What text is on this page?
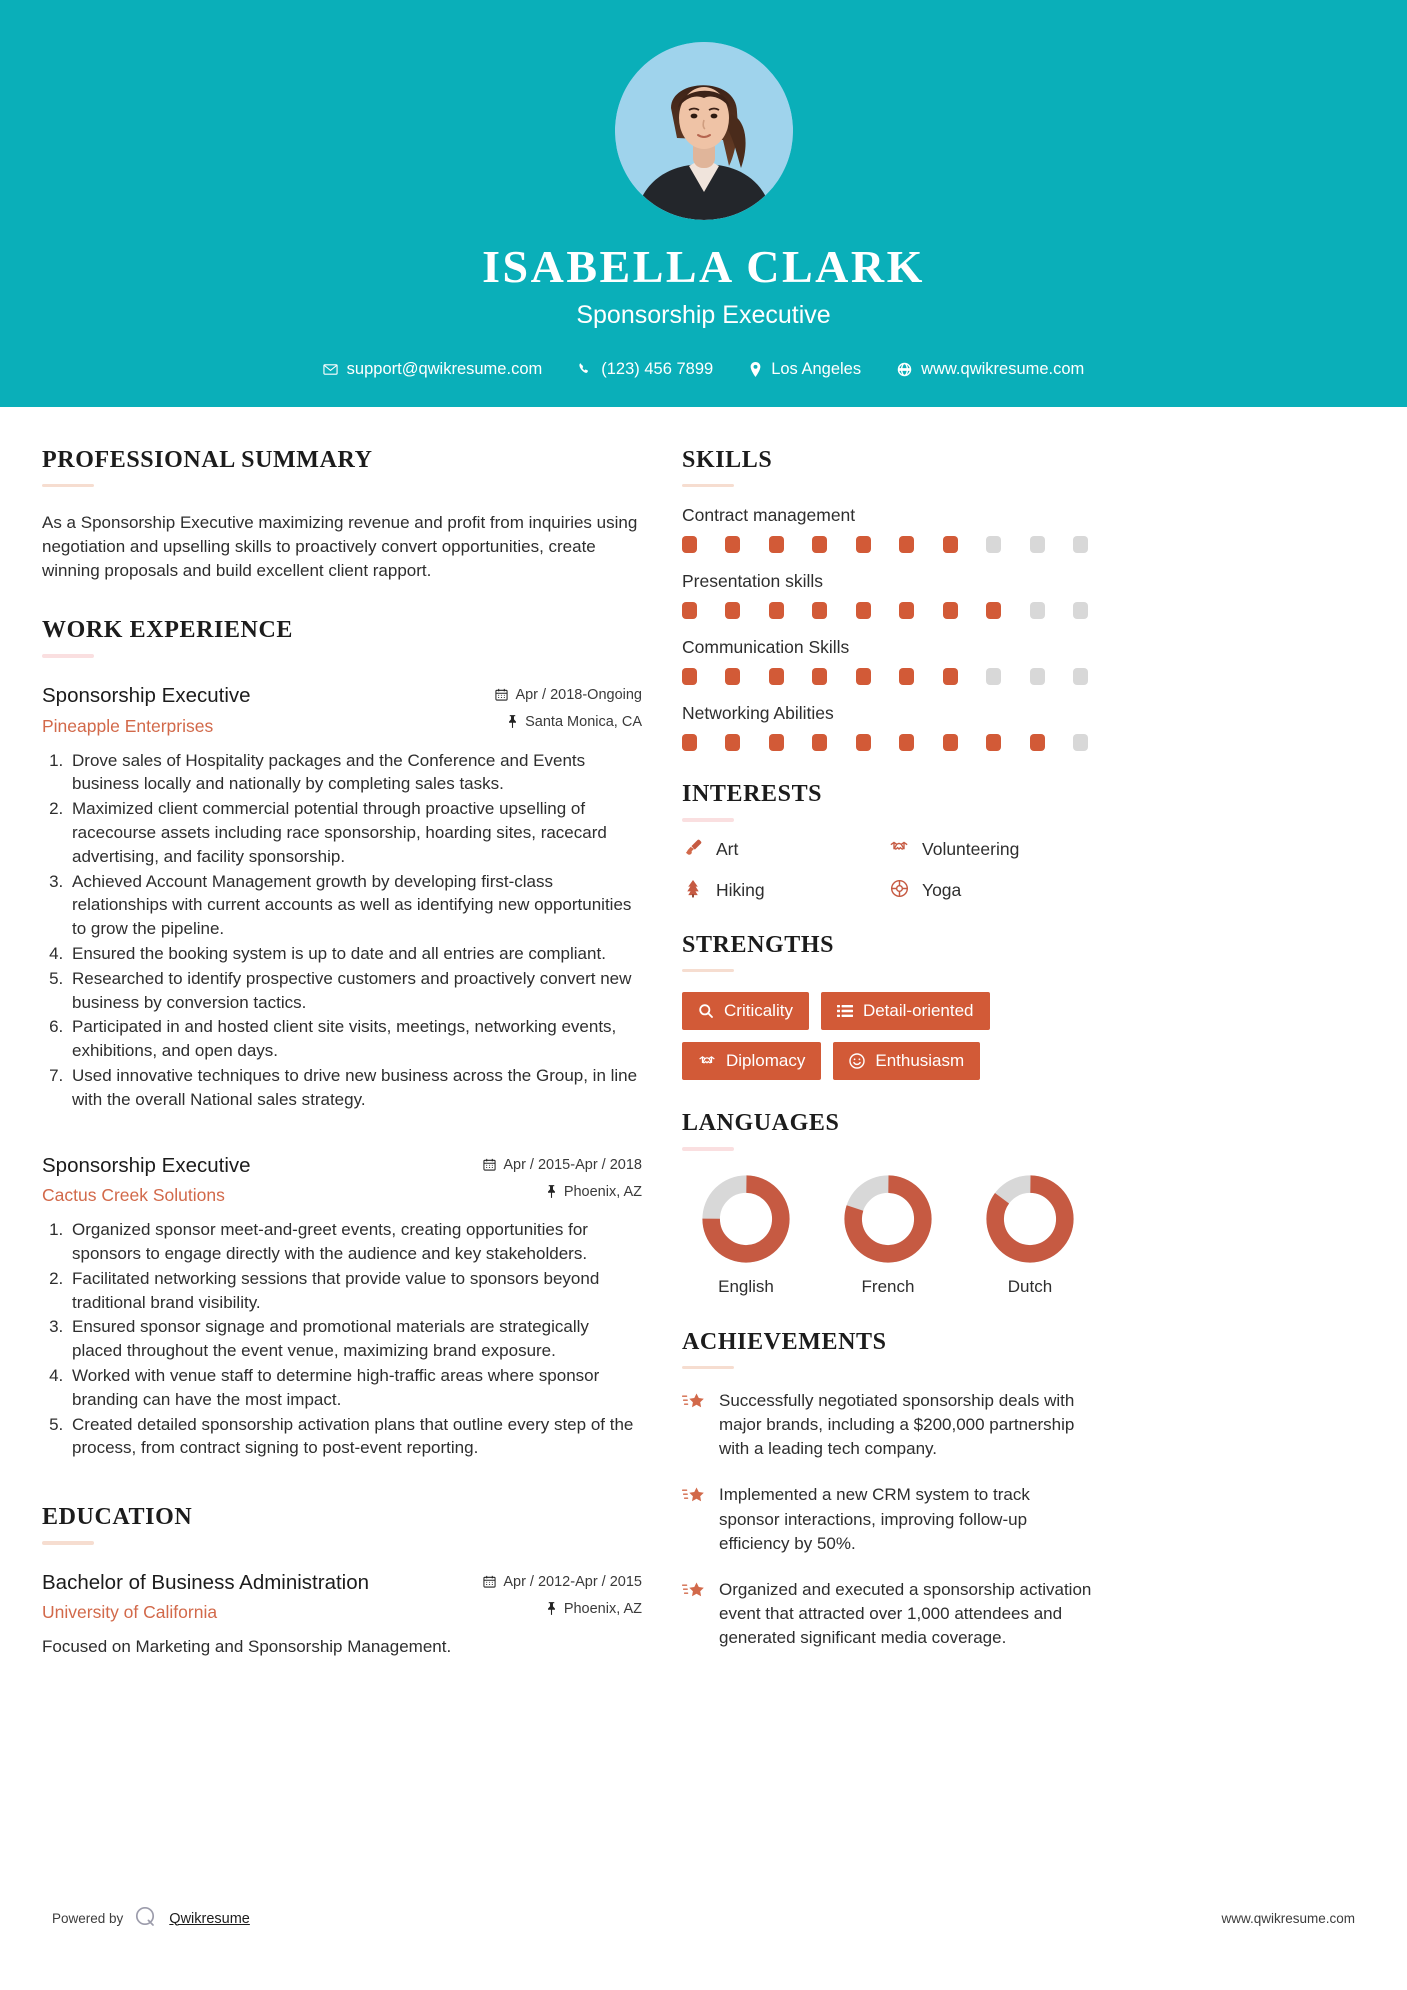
ISABELLA CLARK
Sponsorship Executive
support@qwikresume.com	(123) 456 7899	Los Angeles	www.qwikresume.com
PROFESSIONAL SUMMARY
As a Sponsorship Executive maximizing revenue and profit from inquiries using negotiation and upselling skills to proactively convert opportunities, create winning proposals and build excellent client rapport.
WORK EXPERIENCE
Sponsorship Executive
Pineapple Enterprises
Apr / 2018-Ongoing
Santa Monica, CA
1. Drove sales of Hospitality packages and the Conference and Events business locally and nationally by completing sales tasks.
2. Maximized client commercial potential through proactive upselling of racecourse assets including race sponsorship, hoarding sites, racecard advertising, and facility sponsorship.
3. Achieved Account Management growth by developing first-class relationships with current accounts as well as identifying new opportunities to grow the pipeline.
4. Ensured the booking system is up to date and all entries are compliant.
5. Researched to identify prospective customers and proactively convert new business by conversion tactics.
6. Participated in and hosted client site visits, meetings, networking events, exhibitions, and open days.
7. Used innovative techniques to drive new business across the Group, in line with the overall National sales strategy.
Sponsorship Executive
Cactus Creek Solutions
Apr / 2015-Apr / 2018
Phoenix, AZ
1. Organized sponsor meet-and-greet events, creating opportunities for sponsors to engage directly with the audience and key stakeholders.
2. Facilitated networking sessions that provide value to sponsors beyond traditional brand visibility.
3. Ensured sponsor signage and promotional materials are strategically placed throughout the event venue, maximizing brand exposure.
4. Worked with venue staff to determine high-traffic areas where sponsor branding can have the most impact.
5. Created detailed sponsorship activation plans that outline every step of the process, from contract signing to post-event reporting.
EDUCATION
Bachelor of Business Administration
University of California
Apr / 2012-Apr / 2015
Phoenix, AZ
Focused on Marketing and Sponsorship Management.
SKILLS
Contract management
Presentation skills
Communication Skills
Networking Abilities
INTERESTS
Art	Volunteering
Hiking	Yoga
STRENGTHS
Criticality	Detail-oriented
Diplomacy	Enthusiasm
LANGUAGES
English	French	Dutch
ACHIEVEMENTS
Successfully negotiated sponsorship deals with major brands, including a $200,000 partnership with a leading tech company.
Implemented a new CRM system to track sponsor interactions, improving follow-up efficiency by 50%.
Organized and executed a sponsorship activation event that attracted over 1,000 attendees and generated significant media coverage.
Powered by	Qwikresume	www.qwikresume.com
